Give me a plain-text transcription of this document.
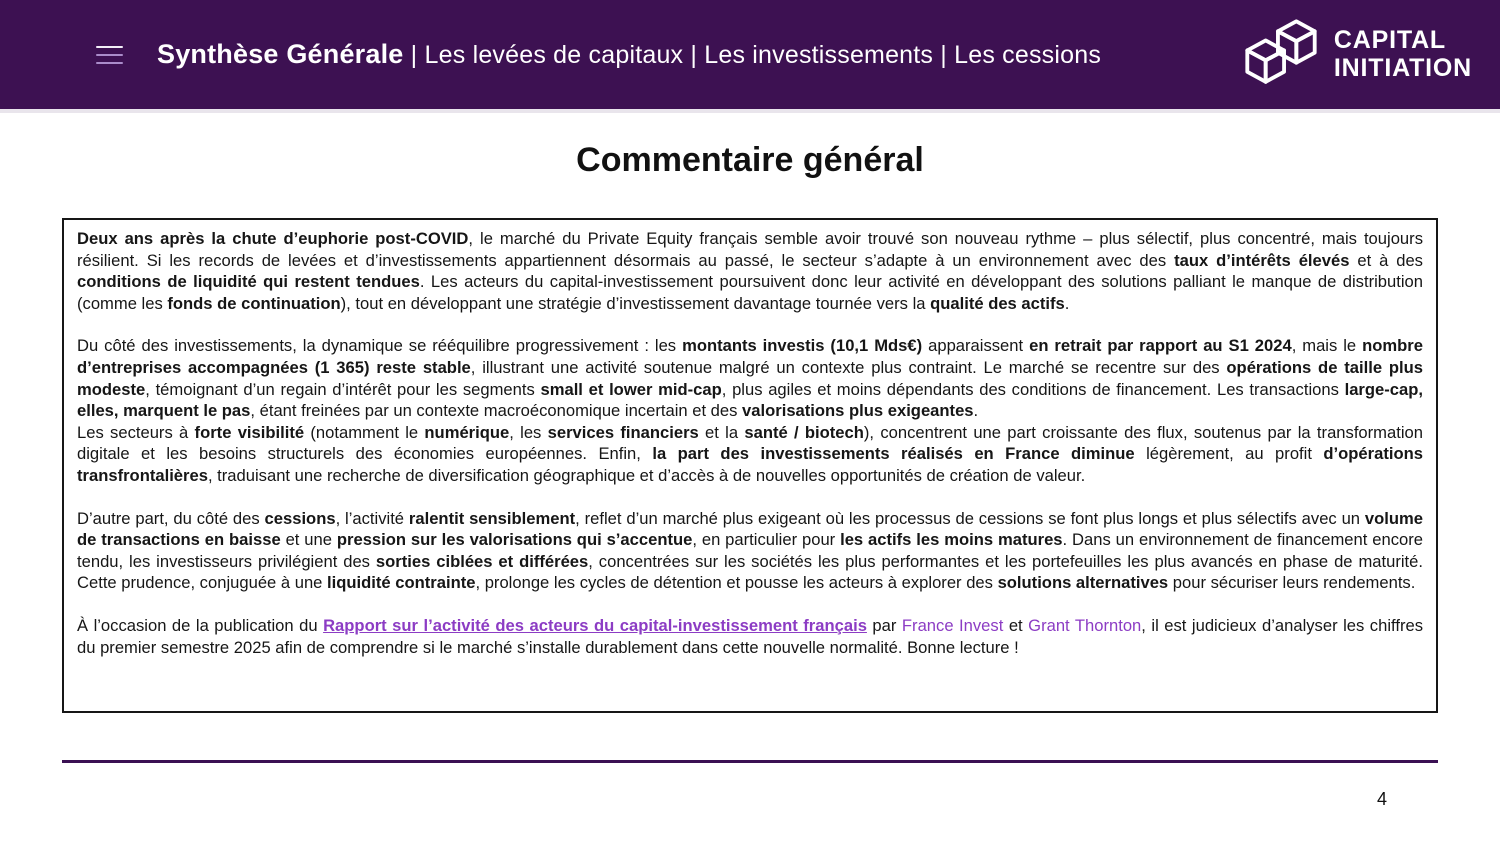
Synthèse Générale | Les levées de capitaux | Les investissements | Les cessions
CAPITAL
INITIATION
Commentaire général

Deux ans après la chute d’euphorie post-COVID, le marché du Private Equity français semble avoir trouvé son nouveau rythme – plus sélectif, plus concentré, mais toujours résilient. Si les records de levées et d’investissements appartiennent désormais au passé, le secteur s’adapte à un environnement avec des taux d’intérêts élevés et à des conditions de liquidité qui restent tendues. Les acteurs du capital-investissement poursuivent donc leur activité en développant des solutions palliant le manque de distribution (comme les fonds de continuation), tout en développant une stratégie d’investissement davantage tournée vers la qualité des actifs.

Du côté des investissements, la dynamique se rééquilibre progressivement : les montants investis (10,1 Mds€) apparaissent en retrait par rapport au S1 2024, mais le nombre d’entreprises accompagnées (1 365) reste stable, illustrant une activité soutenue malgré un contexte plus contraint. Le marché se recentre sur des opérations de taille plus modeste, témoignant d’un regain d’intérêt pour les segments small et lower mid-cap, plus agiles et moins dépendants des conditions de financement. Les transactions large-cap, elles, marquent le pas, étant freinées par un contexte macroéconomique incertain et des valorisations plus exigeantes.

Les secteurs à forte visibilité (notamment le numérique, les services financiers et la santé / biotech), concentrent une part croissante des flux, soutenus par la transformation digitale et les besoins structurels des économies européennes. Enfin, la part des investissements réalisés en France diminue légèrement, au profit d’opérations transfrontalières, traduisant une recherche de diversification géographique et d’accès à de nouvelles opportunités de création de valeur.

D’autre part, du côté des cessions, l’activité ralentit sensiblement, reflet d’un marché plus exigeant où les processus de cessions se font plus longs et plus sélectifs avec un volume de transactions en baisse et une pression sur les valorisations qui s’accentue, en particulier pour les actifs les moins matures. Dans un environnement de financement encore tendu, les investisseurs privilégient des sorties ciblées et différées, concentrées sur les sociétés les plus performantes et les portefeuilles les plus avancés en phase de maturité. Cette prudence, conjuguée à une liquidité contrainte, prolonge les cycles de détention et pousse les acteurs à explorer des solutions alternatives pour sécuriser leurs rendements.

À l’occasion de la publication du Rapport sur l’activité des acteurs du capital-investissement français par France Invest et Grant Thornton, il est judicieux d’analyser les chiffres du premier semestre 2025 afin de comprendre si le marché s’installe durablement dans cette nouvelle normalité. Bonne lecture !

4
